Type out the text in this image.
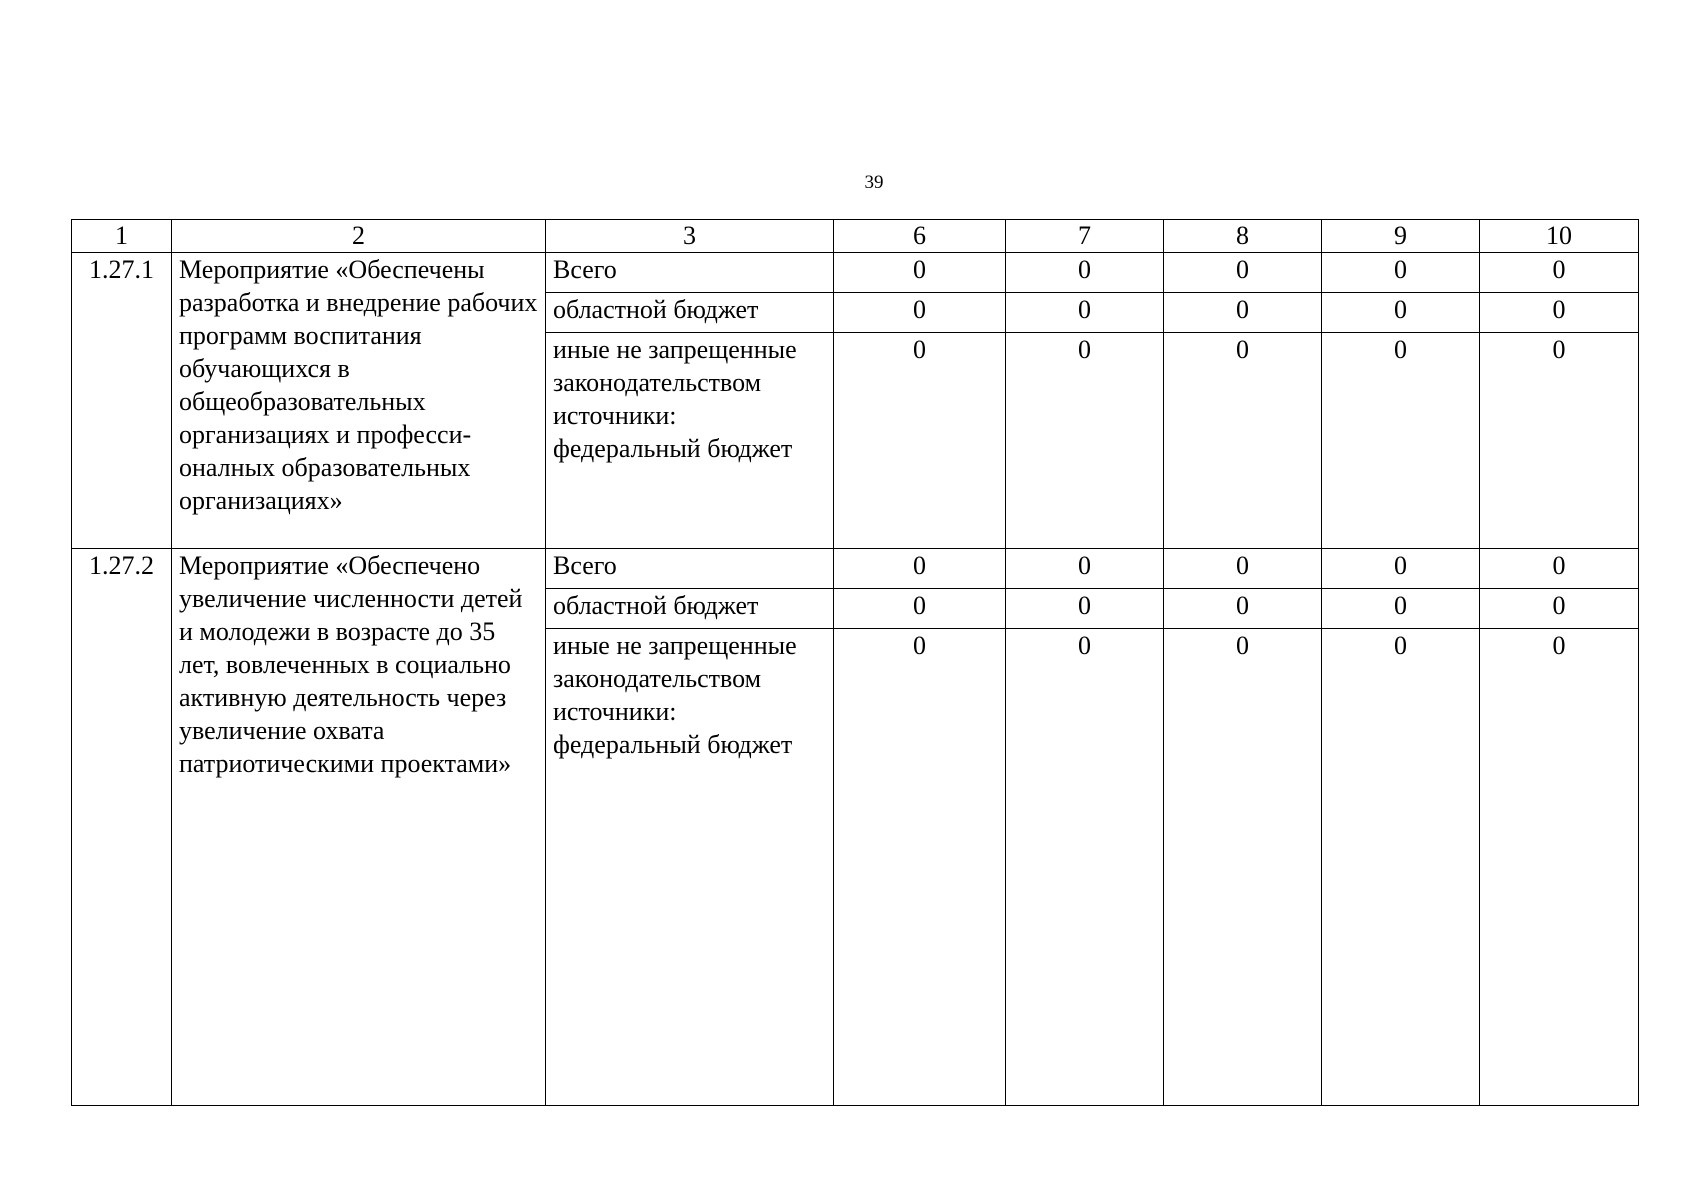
39
1	2	3	6	7	8	9	10
1.27.1	Мероприятие «Обеспечены разработка и внедрение рабочих программ воспитания обучающихся в общеобразовательных организациях и професси-оналных образовательных организациях»	Всего	0	0	0	0	0
		областной бюджет	0	0	0	0	0

		иные не запрещенные
законодательством
источники:
федеральный бюджет	0	0	0	0	0
1.27.2	Мероприятие «Обеспечено увеличение численности детей и молодежи в возрасте до 35 лет, вовлеченных в социально активную деятельность через увеличение охвата патриотическими проектами»	Всего	0	0	0	0	0
		областной бюджет	0	0	0	0	0

		иные не запрещенные
законодательством
источники:
федеральный бюджет	0	0	0	0	0
